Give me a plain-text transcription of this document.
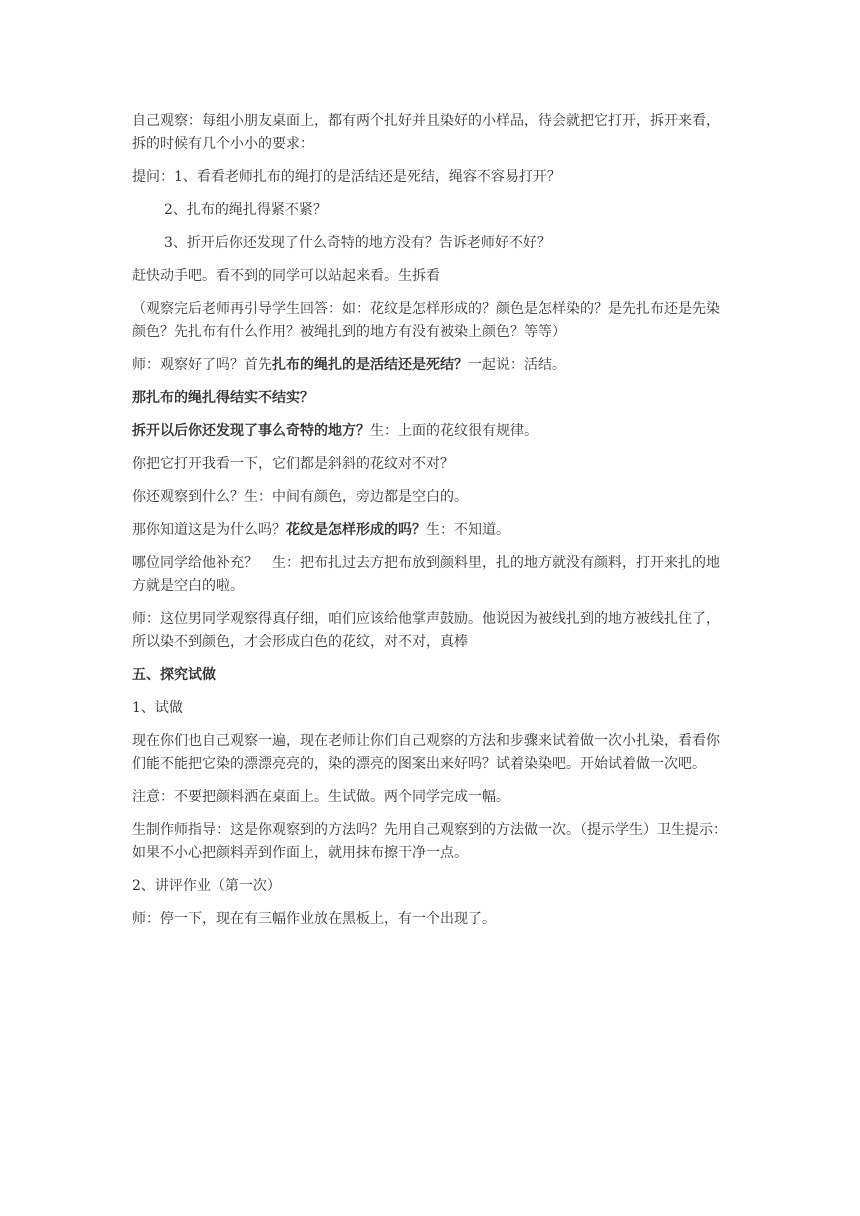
自己观察：每组小朋友桌面上，都有两个扎好并且染好的小样品，待会就把它打开，拆开来看，拆的时候有几个小小的要求：

提问：1、看看老师扎布的绳打的是活结还是死结，绳容不容易打开？

2、扎布的绳扎得紧不紧？

3、折开后你还发现了什么奇特的地方没有？告诉老师好不好？

赶快动手吧。看不到的同学可以站起来看。生拆看

（观察完后老师再引导学生回答：如：花纹是怎样形成的？颜色是怎样染的？是先扎布还是先染颜色？先扎布有什么作用？被绳扎到的地方有没有被染上颜色？等等）

师：观察好了吗？首先扎布的绳扎的是活结还是死结？一起说：活结。

那扎布的绳扎得结实不结实？

拆开以后你还发现了事么奇特的地方？生：上面的花纹很有规律。

你把它打开我看一下，它们都是斜斜的花纹对不对？

你还观察到什么？生：中间有颜色，旁边都是空白的。

那你知道这是为什么吗？花纹是怎样形成的吗？生：不知道。

哪位同学给他补充？　生：把布扎过去方把布放到颜料里，扎的地方就没有颜料，打开来扎的地方就是空白的啦。

师：这位男同学观察得真仔细，咱们应该给他掌声鼓励。他说因为被线扎到的地方被线扎住了，所以染不到颜色，才会形成白色的花纹，对不对，真棒

五、探究试做

1、试做

现在你们也自己观察一遍，现在老师让你们自己观察的方法和步骤来试着做一次小扎染，看看你们能不能把它染的漂漂亮亮的，染的漂亮的图案出来好吗？试着染染吧。开始试着做一次吧。

注意：不要把颜料洒在桌面上。生试做。两个同学完成一幅。

生制作师指导：这是你观察到的方法吗？先用自己观察到的方法做一次。（提示学生）卫生提示：如果不小心把颜料弄到作面上，就用抹布擦干净一点。

2、讲评作业（第一次）

师：停一下，现在有三幅作业放在黑板上，有一个出现了。
